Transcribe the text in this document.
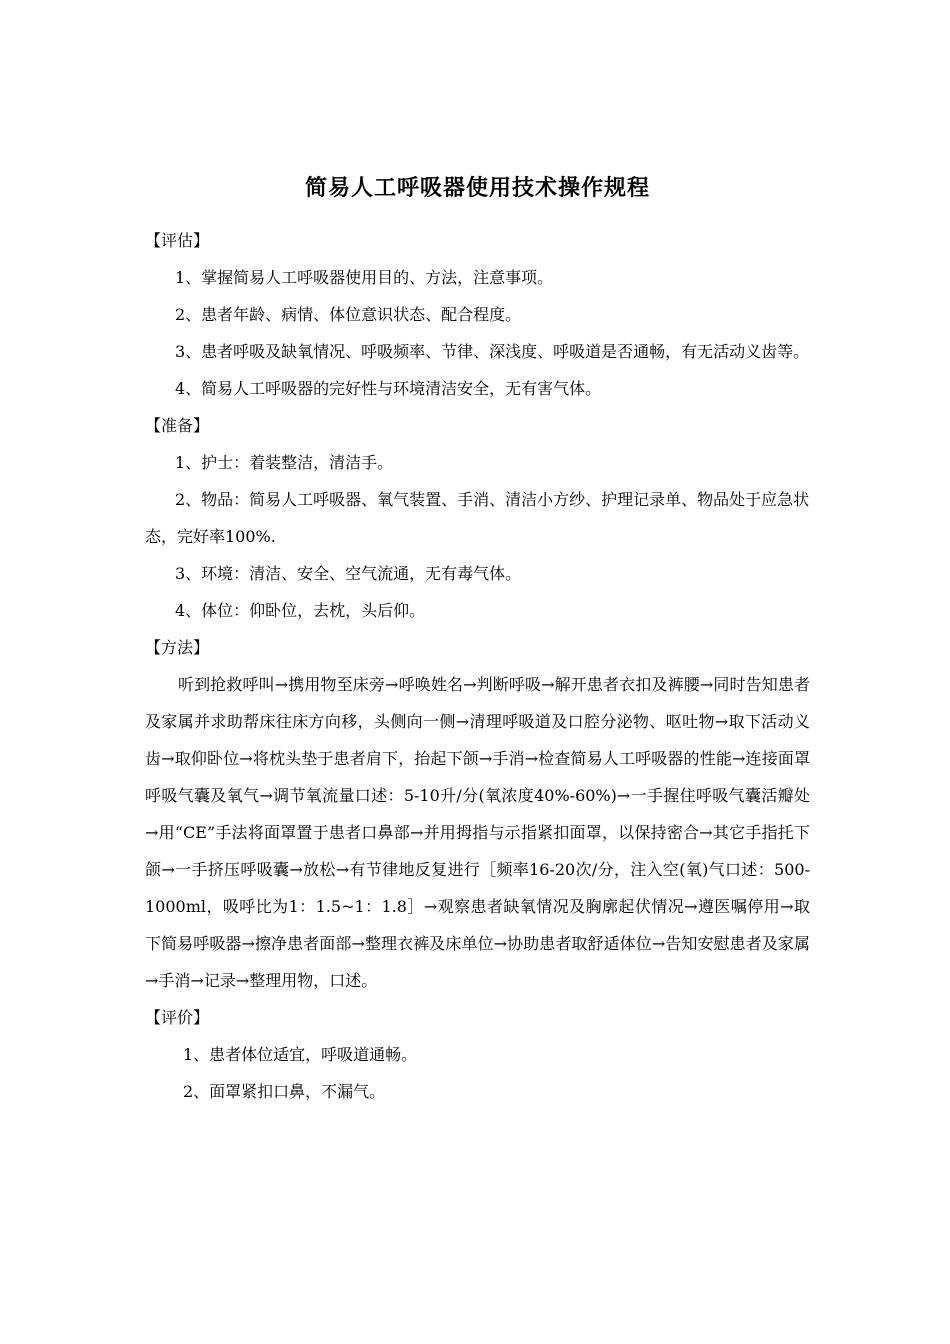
简易人工呼吸器使用技术操作规程

【评估】

1、掌握简易人工呼吸器使用目的、方法，注意事项。

2、患者年龄、病情、体位意识状态、配合程度。

3、患者呼吸及缺氧情况、呼吸频率、节律、深浅度、呼吸道是否通畅，有无活动义齿等。

4、简易人工呼吸器的完好性与环境清洁安全，无有害气体。

【准备】

1、护士：着装整洁，清洁手。

2、物品：简易人工呼吸器、氧气装置、手消、清洁小方纱、护理记录单、物品处于应急状态，完好率100%.

3、环境：清洁、安全、空气流通，无有毒气体。

4、体位：仰卧位，去枕，头后仰。

【方法】

听到抢救呼叫→携用物至床旁→呼唤姓名→判断呼吸→解开患者衣扣及裤腰→同时告知患者及家属并求助帮床往床方向移，头侧向一侧→清理呼吸道及口腔分泌物、呕吐物→取下活动义齿→取仰卧位→将枕头垫于患者肩下，抬起下颌→手消→检查简易人工呼吸器的性能→连接面罩呼吸气囊及氧气→调节氧流量口述：5-10升/分(氧浓度40%-60%)→一手握住呼吸气囊活瓣处→用“CE”手法将面罩置于患者口鼻部→并用拇指与示指紧扣面罩，以保持密合→其它手指托下颌→一手挤压呼吸囊→放松→有节律地反复进行［频率16-20次/分，注入空(氧)气口述：500-1000ml，吸呼比为1：1.5~1：1.8］→观察患者缺氧情况及胸廓起伏情况→遵医嘱停用→取下简易呼吸器→擦净患者面部→整理衣裤及床单位→协助患者取舒适体位→告知安慰患者及家属→手消→记录→整理用物，口述。

【评价】

1、患者体位适宜，呼吸道通畅。

2、面罩紧扣口鼻，不漏气。
